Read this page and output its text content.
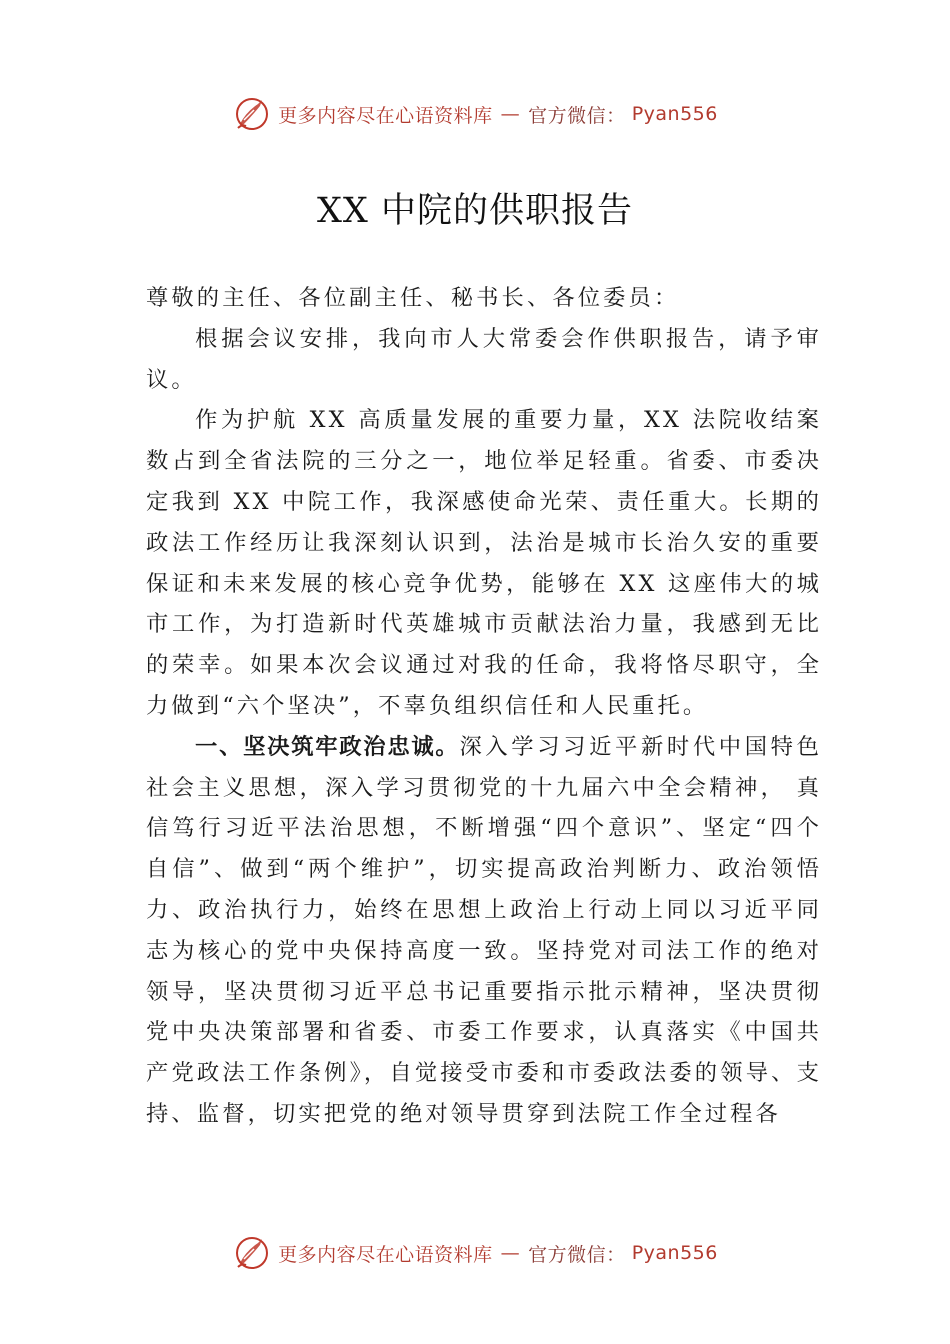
更多内容尽在心语资料库 — 官方微信： Pyan556
XX 中院的供职报告

尊敬的主任、各位副主任、秘书长、各位委员：

根据会议安排，我向市人大常委会作供职报告，请予审议。

作为护航 XX 高质量发展的重要力量，XX 法院收结案数占到全省法院的三分之一，地位举足轻重。省委、市委决定我到 XX 中院工作，我深感使命光荣、责任重大。长期的政法工作经历让我深刻认识到，法治是城市长治久安的重要保证和未来发展的核心竞争优势，能够在 XX 这座伟大的城市工作，为打造新时代英雄城市贡献法治力量，我感到无比的荣幸。如果本次会议通过对我的任命，我将恪尽职守，全力做到“六个坚决”，不辜负组织信任和人民重托。

一、坚决筑牢政治忠诚。深入学习习近平新时代中国特色社会主义思想，深入学习贯彻党的十九届六中全会精神， 真信笃行习近平法治思想，不断增强“四个意识”、坚定“四个自信”、做到“两个维护”，切实提高政治判断力、政治领悟力、政治执行力，始终在思想上政治上行动上同以习近平同志为核心的党中央保持高度一致。坚持党对司法工作的绝对领导，坚决贯彻习近平总书记重要指示批示精神，坚决贯彻党中央决策部署和省委、市委工作要求，认真落实《中国共产党政法工作条例》，自觉接受市委和市委政法委的领导、支持、监督，切实把党的绝对领导贯穿到法院工作全过程各

更多内容尽在心语资料库 — 官方微信： Pyan556
